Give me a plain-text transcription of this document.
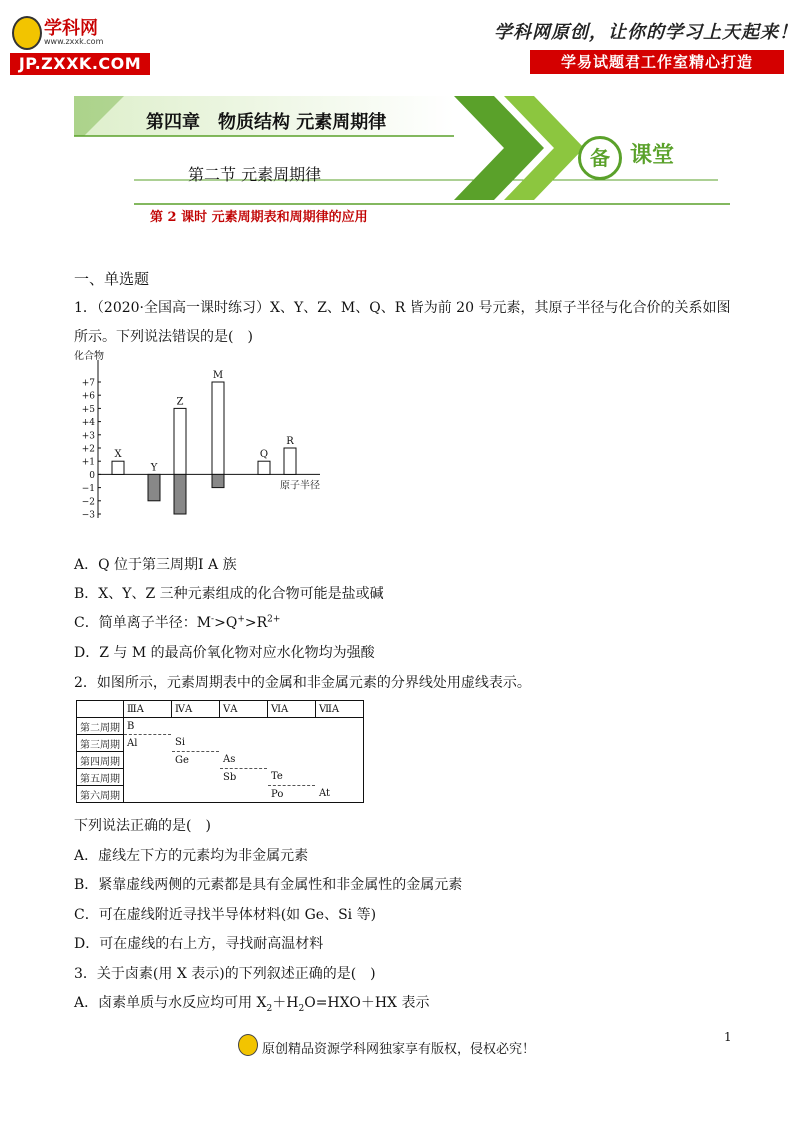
学科网
www.zxxk.com
JP.ZXXK.COM
学科网原创，让你的学习上天起来！
学易试题君工作室精心打造
第四章　物质结构 元素周期律
第二节 元素周期律
备 课堂
第 2 课时 元素周期表和周期律的应用
一、单选题
1．（2020·全国高一课时练习）X、Y、Z、M、Q、R 皆为前 20 号元素，其原子半径与化合价的关系如图
所示。下列说法错误的是(　)
化合物
+7
+6
+5
+4
+3
+2
+1
0
−1
−2
−3
原子半径
X
Y
Z
M
Q
R
A．Q 位于第三周期Ⅰ A 族
B．X、Y、Z 三种元素组成的化合物可能是盐或碱
C．简单离子半径：$M^->Q^+>R^{2+}$
D．Z 与 M 的最高价氧化物对应水化物均为强酸
2．如图所示，元素周期表中的金属和非金属元素的分界线处用虚线表示。
	ⅢA	ⅣA	ⅤA	ⅥA	ⅦA
第二周期	B				
第三周期	Al	Si			
第四周期		Ge	As		
第五周期			Sb	Te	
第六周期				Po	At
下列说法正确的是(　)
A．虚线左下方的元素均为非金属元素
B．紧靠虚线两侧的元素都是具有金属性和非金属性的金属元素
C．可在虚线附近寻找半导体材料(如 Ge、Si 等)
D．可在虚线的右上方，寻找耐高温材料
3．关于卤素(用 X 表示)的下列叙述正确的是(　)
A．卤素单质与水反应均可用 $X_2+H_2O=HXO+HX$ 表示
1
原创精品资源学科网独家享有版权，侵权必究！
